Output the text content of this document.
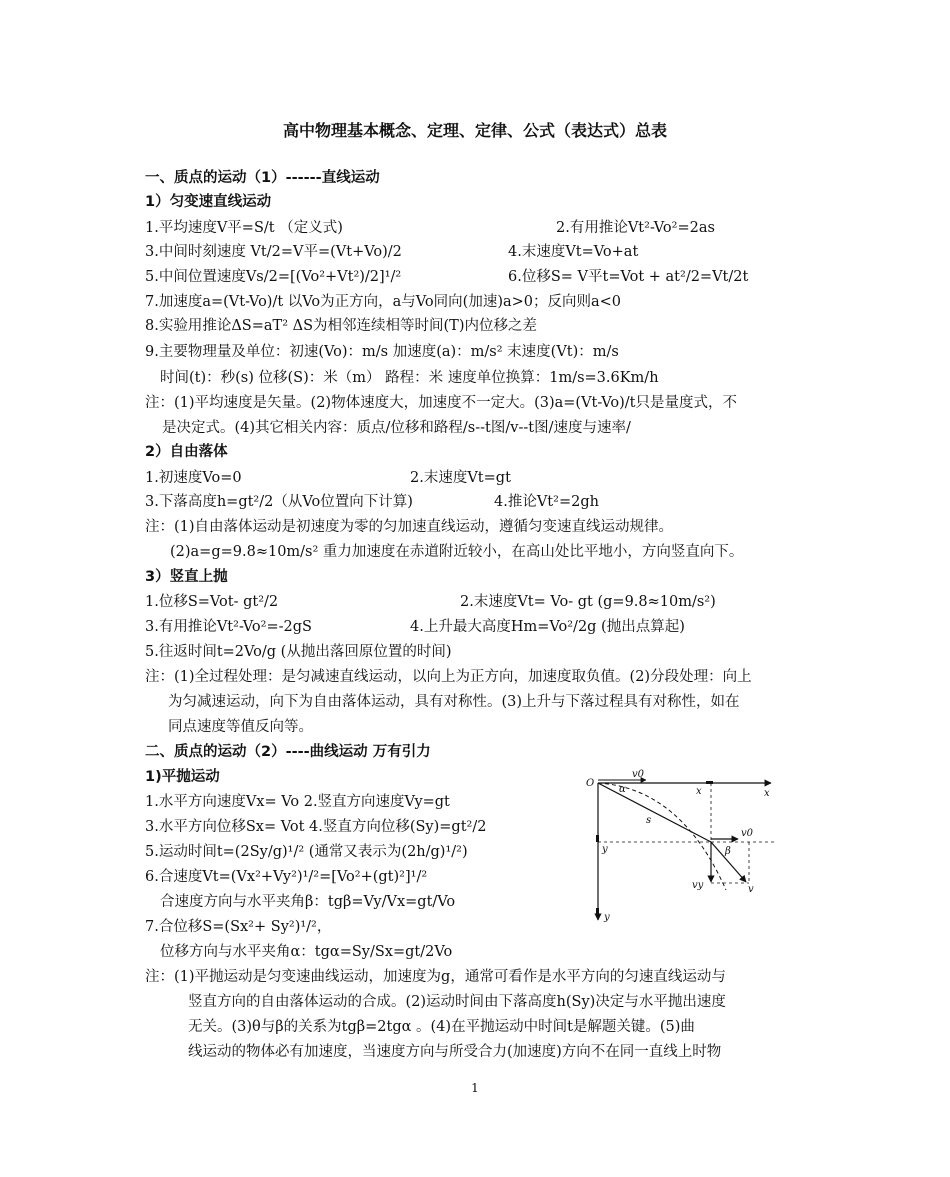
高中物理基本概念、定理、定律、公式（表达式）总表
一、质点的运动（1）------直线运动
1）匀变速直线运动
1.平均速度V平=S/t （定义式)	2.有用推论Vt²-Vo²=2as
3.中间时刻速度 Vt/2=V平=(Vt+Vo)/2	4.末速度Vt=Vo+at
5.中间位置速度Vs/2=[(Vo²+Vt²)/2]¹/²	6.位移S= V平t=Vot + at²/2=Vt/2t
7.加速度a=(Vt-Vo)/t 以Vo为正方向，a与Vo同向(加速)a>0；反向则a<0
8.实验用推论ΔS=aT² ΔS为相邻连续相等时间(T)内位移之差
9.主要物理量及单位：初速(Vo)：m/s 加速度(a)：m/s² 末速度(Vt)：m/s
时间(t)：秒(s) 位移(S)：米（m） 路程：米 速度单位换算：1m/s=3.6Km/h
注：(1)平均速度是矢量。(2)物体速度大，加速度不一定大。(3)a=(Vt-Vo)/t只是量度式，不
是决定式。(4)其它相关内容：质点/位移和路程/s--t图/v--t图/速度与速率/
2）自由落体
1.初速度Vo=0	2.末速度Vt=gt
3.下落高度h=gt²/2（从Vo位置向下计算)	4.推论Vt²=2gh
注：(1)自由落体运动是初速度为零的匀加速直线运动，遵循匀变速直线运动规律。
(2)a=g=9.8≈10m/s² 重力加速度在赤道附近较小，在高山处比平地小，方向竖直向下。
3）竖直上抛
1.位移S=Vot- gt²/2	2.末速度Vt= Vo- gt (g=9.8≈10m/s²)
3.有用推论Vt²-Vo²=-2gS	4.上升最大高度Hm=Vo²/2g (抛出点算起)
5.往返时间t=2Vo/g (从抛出落回原位置的时间)
注：(1)全过程处理：是匀减速直线运动，以向上为正方向，加速度取负值。(2)分段处理：向上
为匀减速运动，向下为自由落体运动，具有对称性。(3)上升与下落过程具有对称性，如在
同点速度等值反向等。
二、质点的运动（2）----曲线运动 万有引力
1)平抛运动
1.水平方向速度Vx= Vo 2.竖直方向速度Vy=gt
3.水平方向位移Sx= Vot 4.竖直方向位移(Sy)=gt²/2
5.运动时间t=(2Sy/g)¹/² (通常又表示为(2h/g)¹/²)
6.合速度Vt=(Vx²+Vy²)¹/²=[Vo²+(gt)²]¹/²
合速度方向与水平夹角β：tgβ=Vy/Vx=gt/Vo
7.合位移S=(Sx²+ Sy²)¹/²，
位移方向与水平夹角α：tgα=Sy/Sx=gt/2Vo
注：(1)平抛运动是匀变速曲线运动，加速度为g，通常可看作是水平方向的匀速直线运动与
竖直方向的自由落体运动的合成。(2)运动时间由下落高度h(Sy)决定与水平抛出速度
无关。(3)θ与β的关系为tgβ=2tgα 。(4)在平抛运动中时间t是解题关键。(5)曲
线运动的物体必有加速度，当速度方向与所受合力(加速度)方向不在同一直线上时物
O
v0
α	x	x
s
v0
y	β
vy	v
y
1
